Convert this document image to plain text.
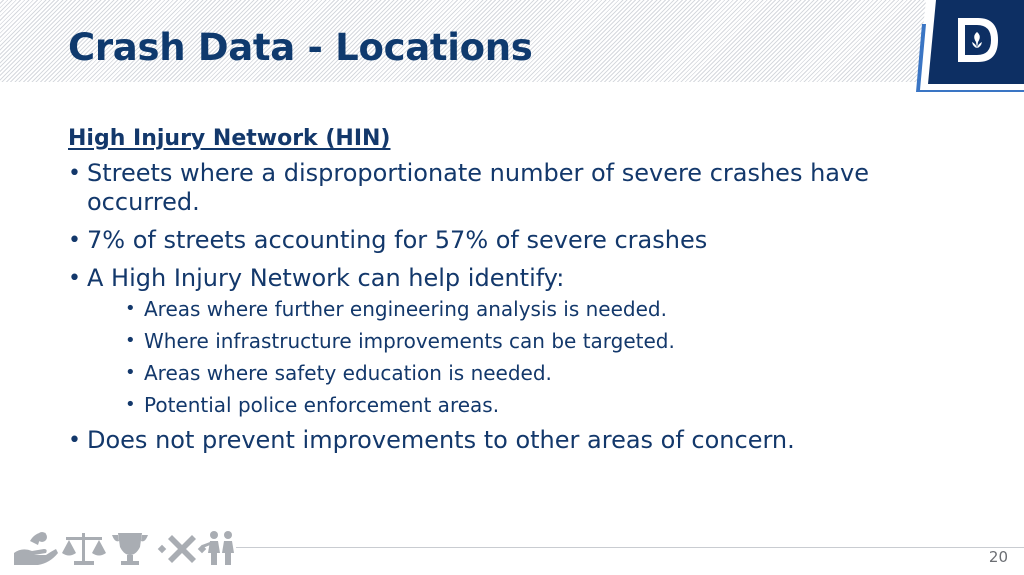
Crash Data - Locations

High Injury Network (HIN)

• Streets where a disproportionate number of severe crashes have occurred.
• 7% of streets accounting for 57% of severe crashes
• A High Injury Network can help identify:
• Areas where further engineering analysis is needed.
• Where infrastructure improvements can be targeted.
• Areas where safety education is needed.
• Potential police enforcement areas.
• Does not prevent improvements to other areas of concern.
20
